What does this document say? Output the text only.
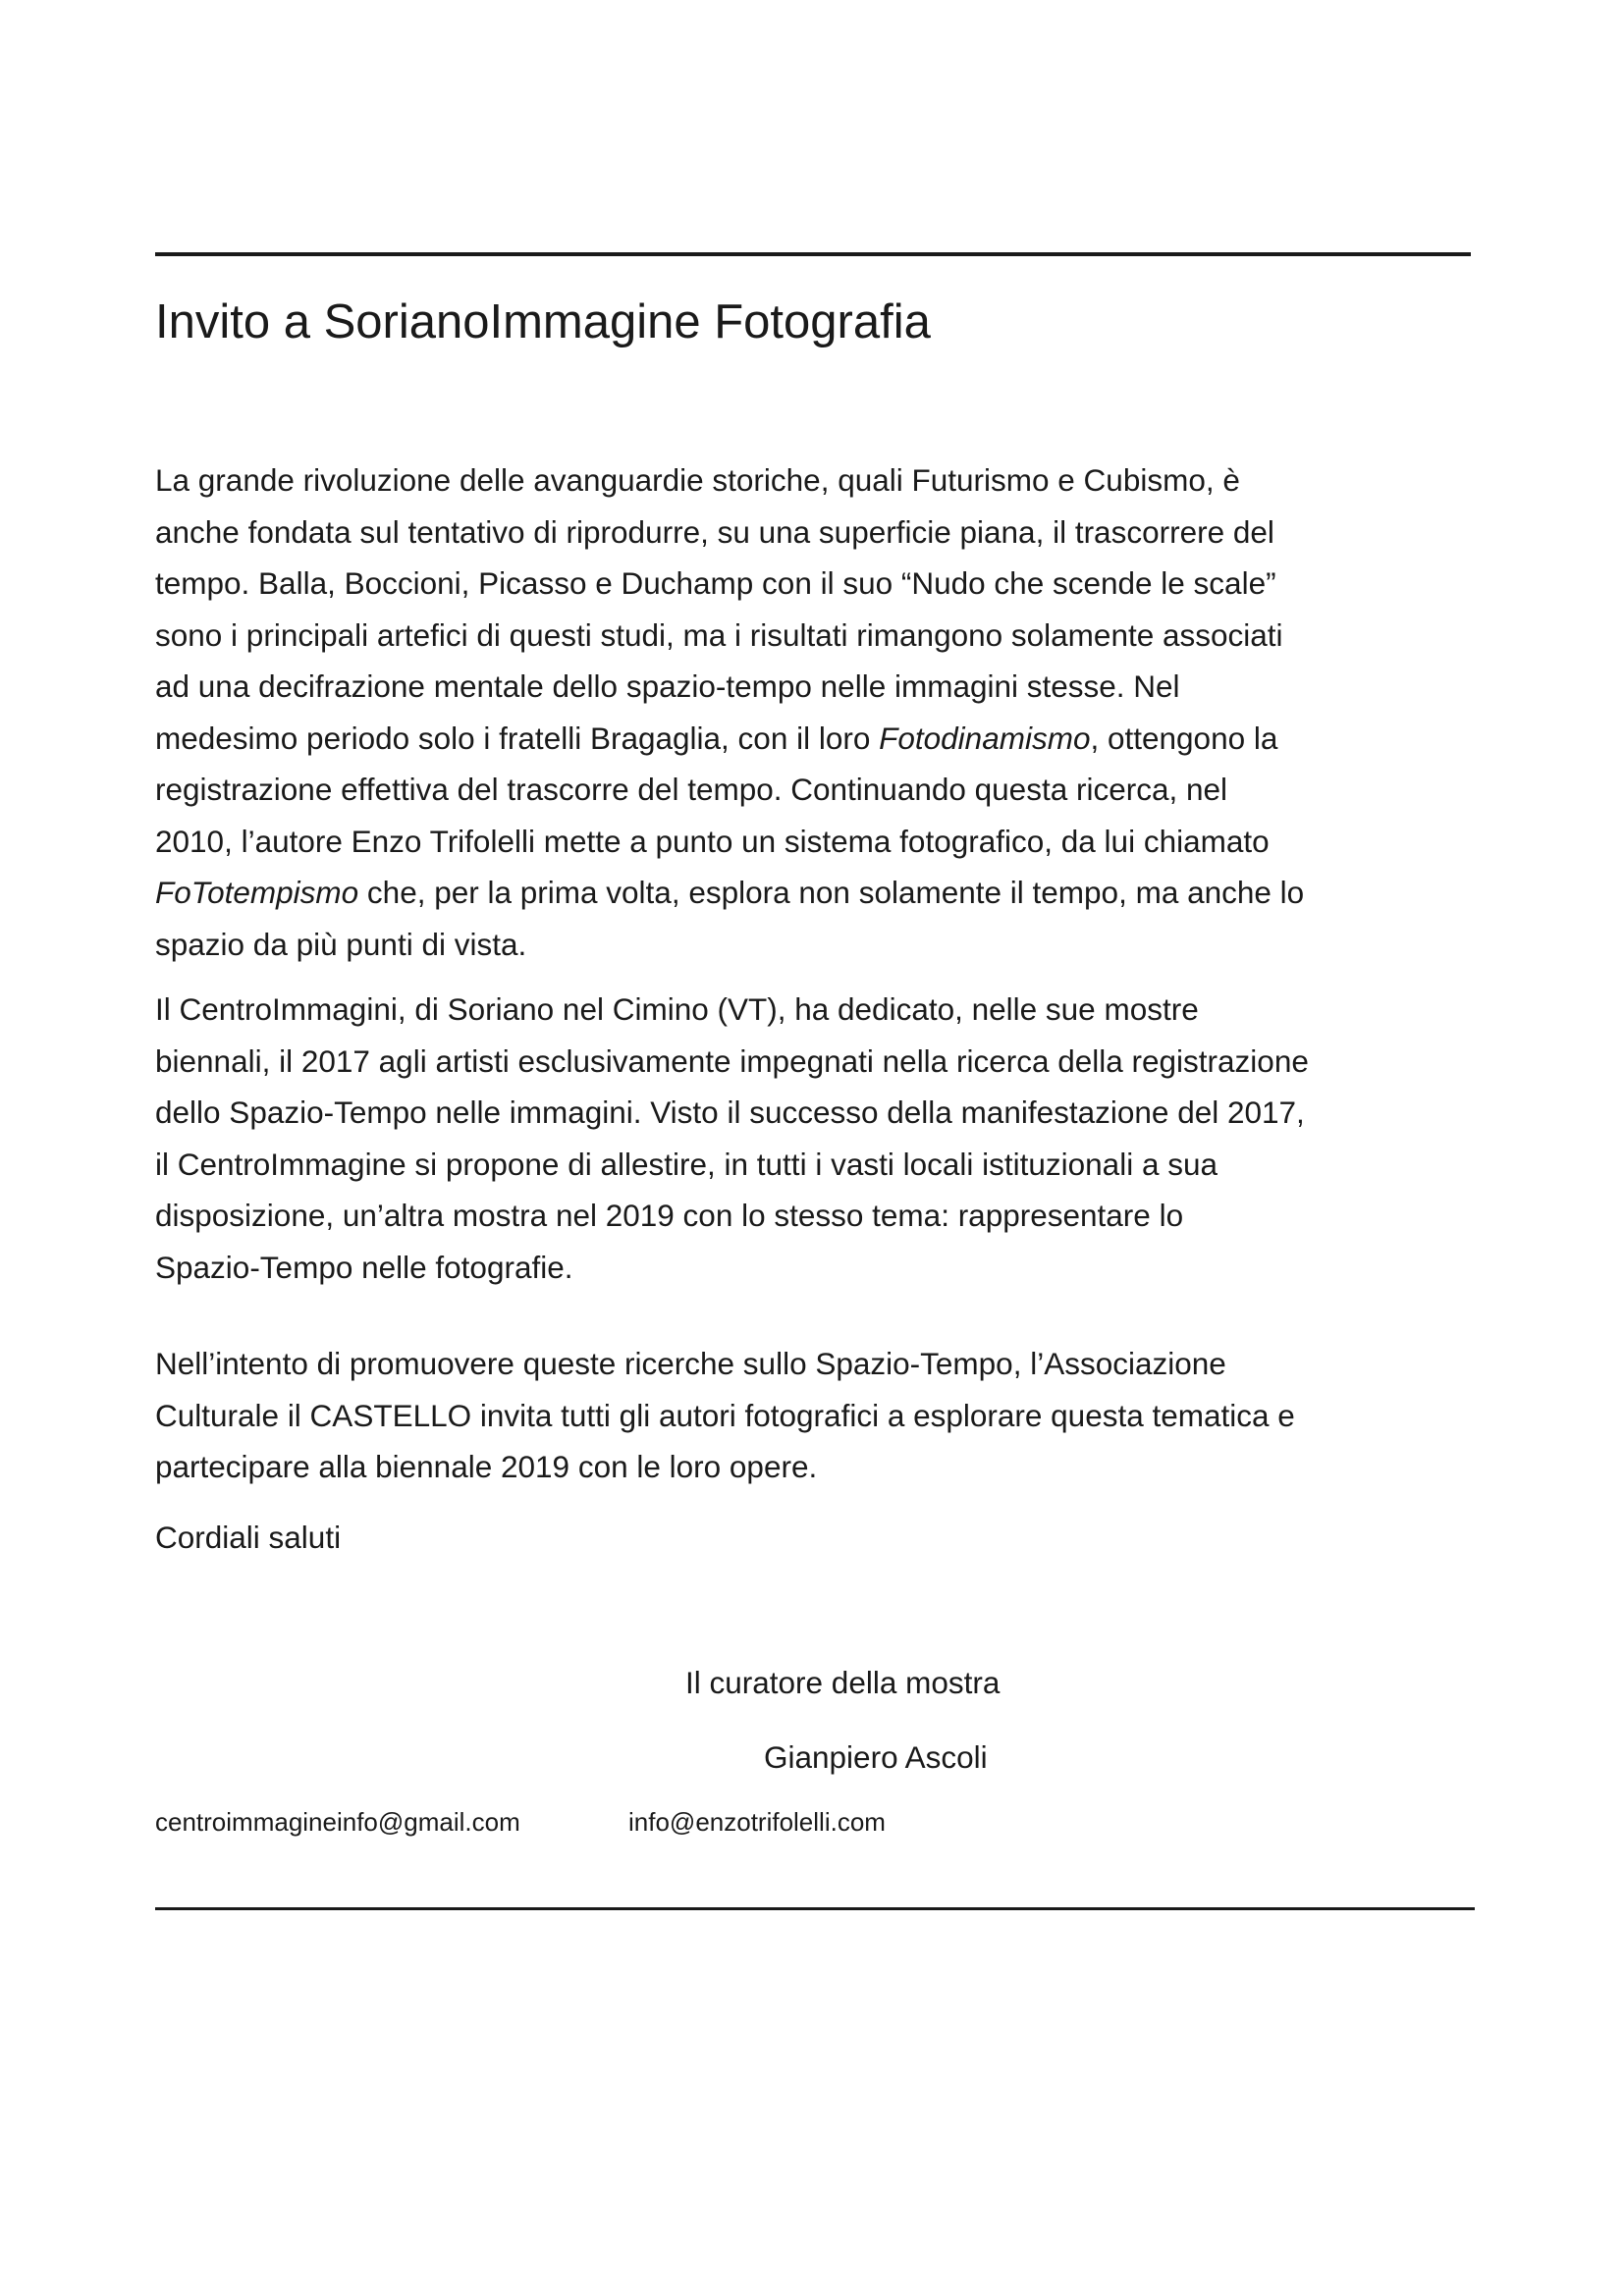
Invito a SorianoImmagine Fotografia
La grande rivoluzione delle avanguardie storiche, quali Futurismo e Cubismo, è
anche fondata sul tentativo di riprodurre, su una superficie piana, il trascorrere del
tempo. Balla, Boccioni, Picasso e Duchamp con il suo “Nudo che scende le scale”
sono i principali artefici di questi studi, ma i risultati rimangono solamente associati
ad una decifrazione mentale dello spazio-tempo nelle immagini stesse. Nel
medesimo periodo solo i fratelli Bragaglia, con il loro Fotodinamismo, ottengono la
registrazione effettiva del trascorre del tempo. Continuando questa ricerca, nel
2010, l’autore Enzo Trifolelli mette a punto un sistema fotografico, da lui chiamato
FoTotempismo che, per la prima volta, esplora non solamente il tempo, ma anche lo
spazio da più punti di vista.
Il CentroImmagini, di Soriano nel Cimino (VT), ha dedicato, nelle sue mostre
biennali, il 2017 agli artisti esclusivamente impegnati nella ricerca della registrazione
dello Spazio-Tempo nelle immagini. Visto il successo della manifestazione del 2017,
il CentroImmagine si propone di allestire, in tutti i vasti locali istituzionali a sua
disposizione, un’altra mostra nel 2019 con lo stesso tema: rappresentare lo
Spazio-Tempo nelle fotografie.
Nell’intento di promuovere queste ricerche sullo Spazio-Tempo, l’Associazione
Culturale il CASTELLO invita tutti gli autori fotografici a esplorare questa tematica e
partecipare alla biennale 2019 con le loro opere.
Cordiali saluti
Il curatore della mostra
Gianpiero Ascoli
centroimmagineinfo@gmail.com	info@enzotrifolelli.com
